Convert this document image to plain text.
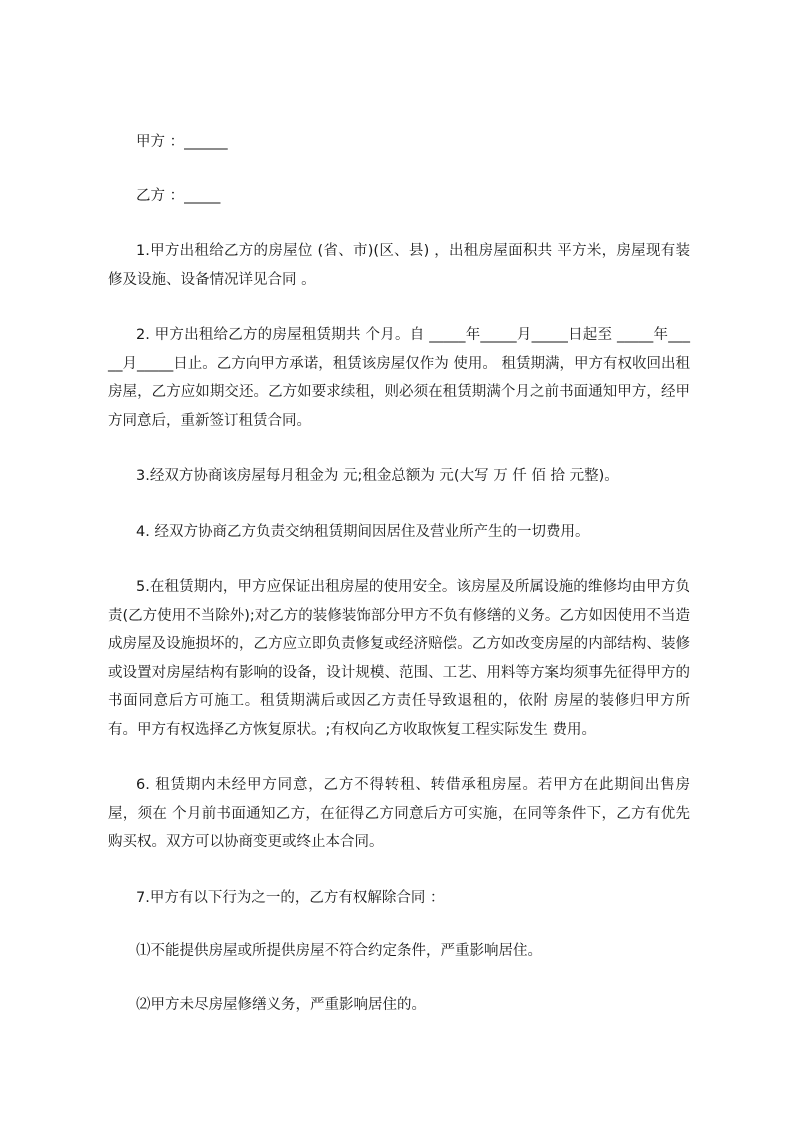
甲方 ：______

乙方 ：_____

1.甲方出租给乙方的房屋位 (省、市)(区、县) ，出租房屋面积共 平方米，房屋现有装修及设施、设备情况详见合同 。

2. 甲方出租给乙方的房屋租赁期共 个月。自 _____年_____月_____日起至 _____年_____月_____日止。乙方向甲方承诺，租赁该房屋仅作为 使用。 租赁期满，甲方有权收回出租房屋，乙方应如期交还。乙方如要求续租，则必须在租赁期满个月之前书面通知甲方，经甲方同意后，重新签订租赁合同。

3.经双方协商该房屋每月租金为 元;租金总额为 元(大写 万 仟 佰 拾 元整)。

4. 经双方协商乙方负责交纳租赁期间因居住及营业所产生的一切费用。

5.在租赁期内，甲方应保证出租房屋的使用安全。该房屋及所属设施的维修均由甲方负责(乙方使用不当除外);对乙方的装修装饰部分甲方不负有修缮的义务。乙方如因使用不当造成房屋及设施损坏的，乙方应立即负责修复或经济赔偿。乙方如改变房屋的内部结构、装修或设置对房屋结构有影响的设备，设计规模、范围、工艺、用料等方案均须事先征得甲方的书面同意后方可施工。租赁期满后或因乙方责任导致退租的，依附 房屋的装修归甲方所有。甲方有权选择乙方恢复原状。;有权向乙方收取恢复工程实际发生 费用。

6. 租赁期内未经甲方同意，乙方不得转租、转借承租房屋。若甲方在此期间出售房屋，须在 个月前书面通知乙方，在征得乙方同意后方可实施，在同等条件下，乙方有优先购买权。双方可以协商变更或终止本合同。

7.甲方有以下行为之一的，乙方有权解除合同 ：

⑴不能提供房屋或所提供房屋不符合约定条件，严重影响居住。

⑵甲方未尽房屋修缮义务，严重影响居住的。
